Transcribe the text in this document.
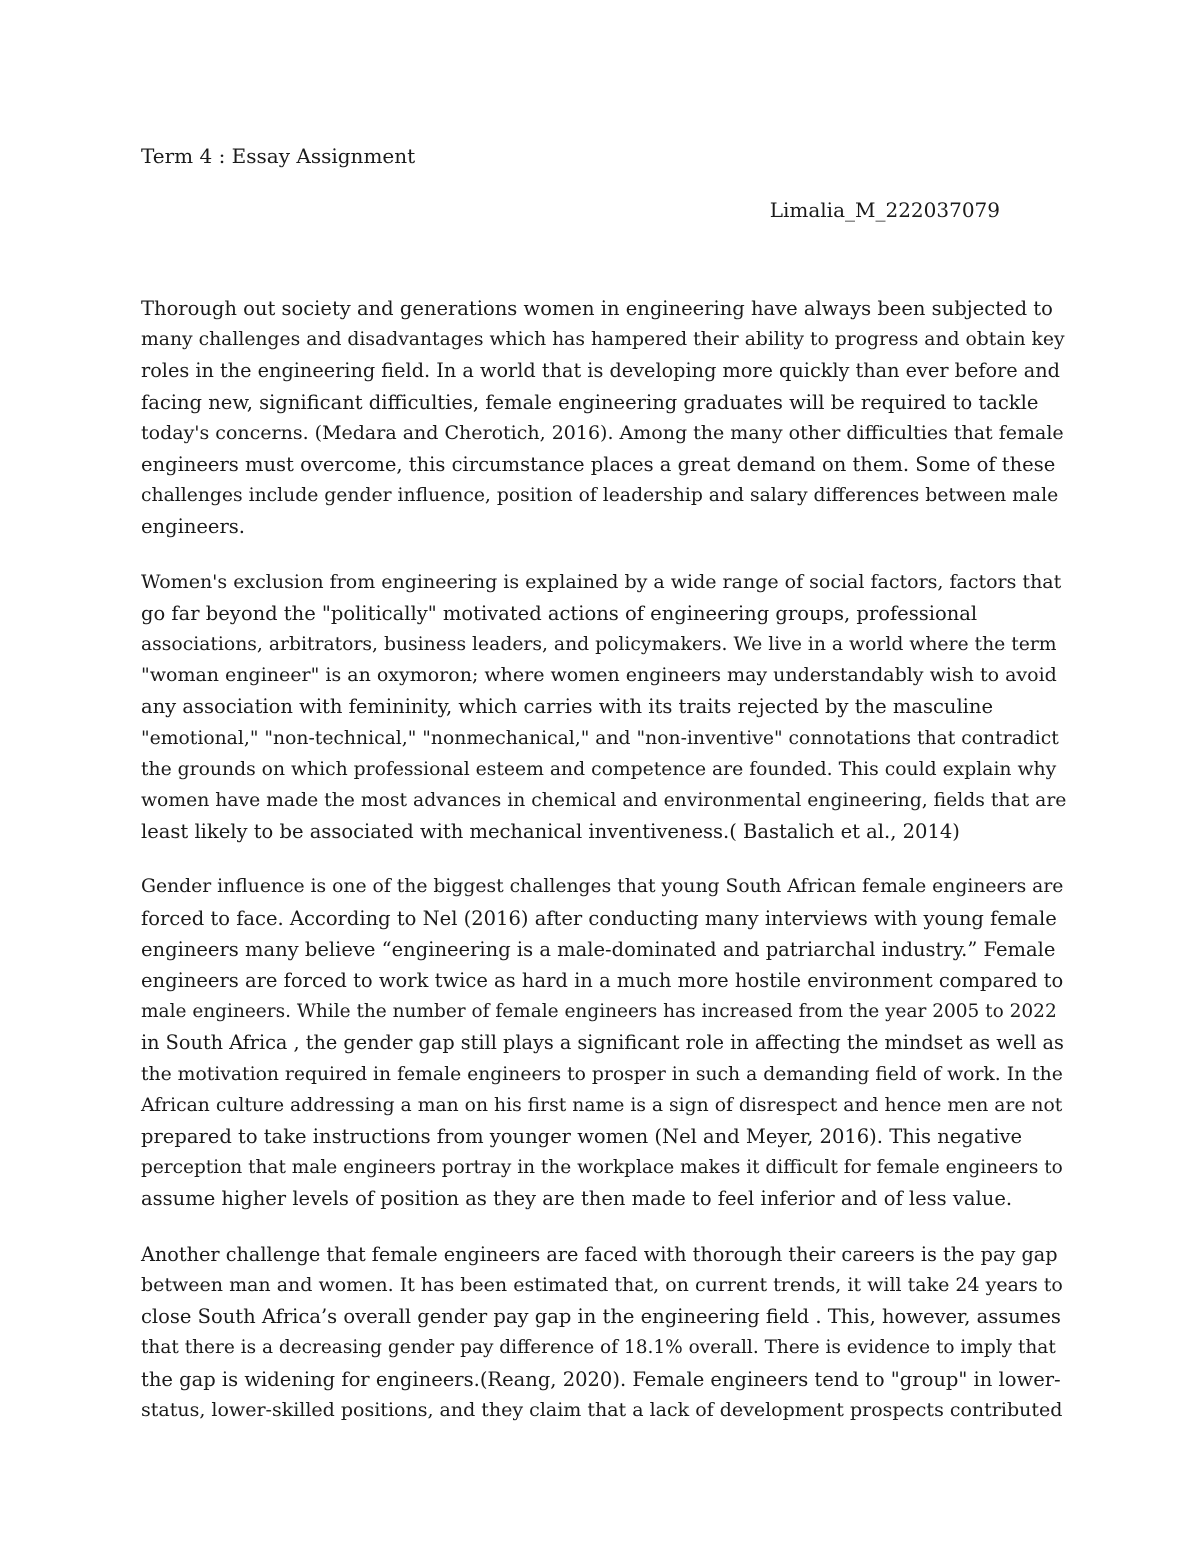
Term 4 : Essay Assignment

Limalia_M_222037079

Thorough out society and generations women in engineering have always been subjected to
many challenges and disadvantages which has hampered their ability to progress and obtain key
roles in the engineering field. In a world that is developing more quickly than ever before and
facing new, significant difficulties, female engineering graduates will be required to tackle
today's concerns. (Medara and Cherotich, 2016). Among the many other difficulties that female
engineers must overcome, this circumstance places a great demand on them. Some of these
challenges include gender influence, position of leadership and salary differences between male
engineers.

Women's exclusion from engineering is explained by a wide range of social factors, factors that
go far beyond the "politically" motivated actions of engineering groups, professional
associations, arbitrators, business leaders, and policymakers. We live in a world where the term
"woman engineer" is an oxymoron; where women engineers may understandably wish to avoid
any association with femininity, which carries with its traits rejected by the masculine
"emotional," "non-technical," "nonmechanical," and "non-inventive" connotations that contradict
the grounds on which professional esteem and competence are founded. This could explain why
women have made the most advances in chemical and environmental engineering, fields that are
least likely to be associated with mechanical inventiveness.( Bastalich et al., 2014)

Gender influence is one of the biggest challenges that young South African female engineers are
forced to face. According to Nel (2016) after conducting many interviews with young female
engineers many believe “engineering is a male-dominated and patriarchal industry.” Female
engineers are forced to work twice as hard in a much more hostile environment compared to
male engineers. While the number of female engineers has increased from the year 2005 to 2022
in South Africa , the gender gap still plays a significant role in affecting the mindset as well as
the motivation required in female engineers to prosper in such a demanding field of work. In the
African culture addressing a man on his first name is a sign of disrespect and hence men are not
prepared to take instructions from younger women (Nel and Meyer, 2016). This negative
perception that male engineers portray in the workplace makes it difficult for female engineers to
assume higher levels of position as they are then made to feel inferior and of less value.

Another challenge that female engineers are faced with thorough their careers is the pay gap
between man and women. It has been estimated that, on current trends, it will take 24 years to
close South Africa’s overall gender pay gap in the engineering field . This, however, assumes
that there is a decreasing gender pay difference of 18.1% overall. There is evidence to imply that
the gap is widening for engineers.(Reang, 2020). Female engineers tend to "group" in lower-
status, lower-skilled positions, and they claim that a lack of development prospects contributed
